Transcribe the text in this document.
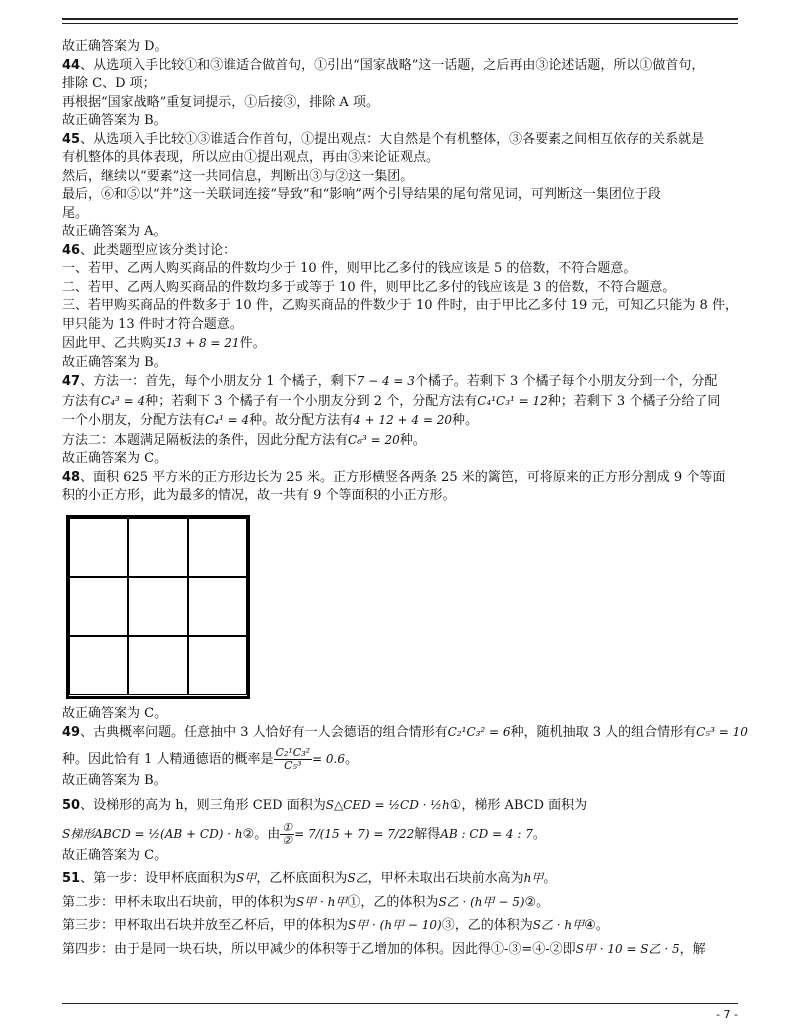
故正确答案为 D。
44、从选项入手比较①和③谁适合做首句，①引出“国家战略”这一话题，之后再由③论述话题，所以①做首句，
排除 C、D 项；
再根据“国家战略”重复词提示，①后接③，排除 A 项。
故正确答案为 B。
45、从选项入手比较①③谁适合作首句，①提出观点：大自然是个有机整体，③各要素之间相互依存的关系就是
有机整体的具体表现，所以应由①提出观点，再由③来论证观点。
然后，继续以“要素”这一共同信息，判断出③与②这一集团。
最后，⑥和⑤以“并”这一关联词连接“导致”和“影响”两个引导结果的尾句常见词，可判断这一集团位于段
尾。
故正确答案为 A。
46、此类题型应该分类讨论：
一、若甲、乙两人购买商品的件数均少于 10 件，则甲比乙多付的钱应该是 5 的倍数，不符合题意。
二、若甲、乙两人购买商品的件数均多于或等于 10 件，则甲比乙多付的钱应该是 3 的倍数，不符合题意。
三、若甲购买商品的件数多于 10 件，乙购买商品的件数少于 10 件时，由于甲比乙多付 19 元，可知乙只能为 8 件，
甲只能为 13 件时才符合题意。
因此甲、乙共购买13 + 8 = 21件。
故正确答案为 B。
47、方法一：首先，每个小朋友分 1 个橘子，剩下7 − 4 = 3个橘子。若剩下 3 个橘子每个小朋友分到一个，分配
方法有C₄³ = 4种；若剩下 3 个橘子有一个小朋友分到 2 个，分配方法有C₄¹C₃¹ = 12种；若剩下 3 个橘子分给了同
一个小朋友，分配方法有C₄¹ = 4种。故分配方法有4 + 12 + 4 = 20种。
方法二：本题满足隔板法的条件，因此分配方法有C₆³ = 20种。
故正确答案为 C。
48、面积 625 平方米的正方形边长为 25 米。正方形横竖各两条 25 米的篱笆，可将原来的正方形分割成 9 个等面
积的小正方形，此为最多的情况，故一共有 9 个等面积的小正方形。
故正确答案为 C。
49、古典概率问题。任意抽中 3 人恰好有一人会德语的组合情形有C₂¹C₃² = 6种，随机抽取 3 人的组合情形有C₅³ = 10
种。因此恰有 1 人精通德语的概率是 $\frac{\text{C₂¹C₃²}}{\text{C₅³}} = 0.6$。
故正确答案为 B。
50、设梯形的高为 h，则三角形 CED 面积为S△CED = ½CD · ½h①，梯形 ABCD 面积为
S梯形ABCD = ½(AB + CD) · h②。由 $\frac{\text{①}}{\text{②}} = 7/(15 + 7) = 7/22$解得AB : CD = 4 : 7。
故正确答案为 C。
51、第一步：设甲杯底面积为S甲，乙杯底面积为S乙，甲杯未取出石块前水高为h甲。
第二步：甲杯未取出石块前，甲的体积为S甲 · h甲①，乙的体积为S乙 · (h甲 − 5)②。
第三步：甲杯取出石块并放至乙杯后，甲的体积为S甲 · (h甲 − 10)③，乙的体积为S乙 · h甲④。
第四步：由于是同一块石块，所以甲减少的体积等于乙增加的体积。因此得①-③=④-②即S甲 · 10 = S乙 · 5，解
- 7 -
